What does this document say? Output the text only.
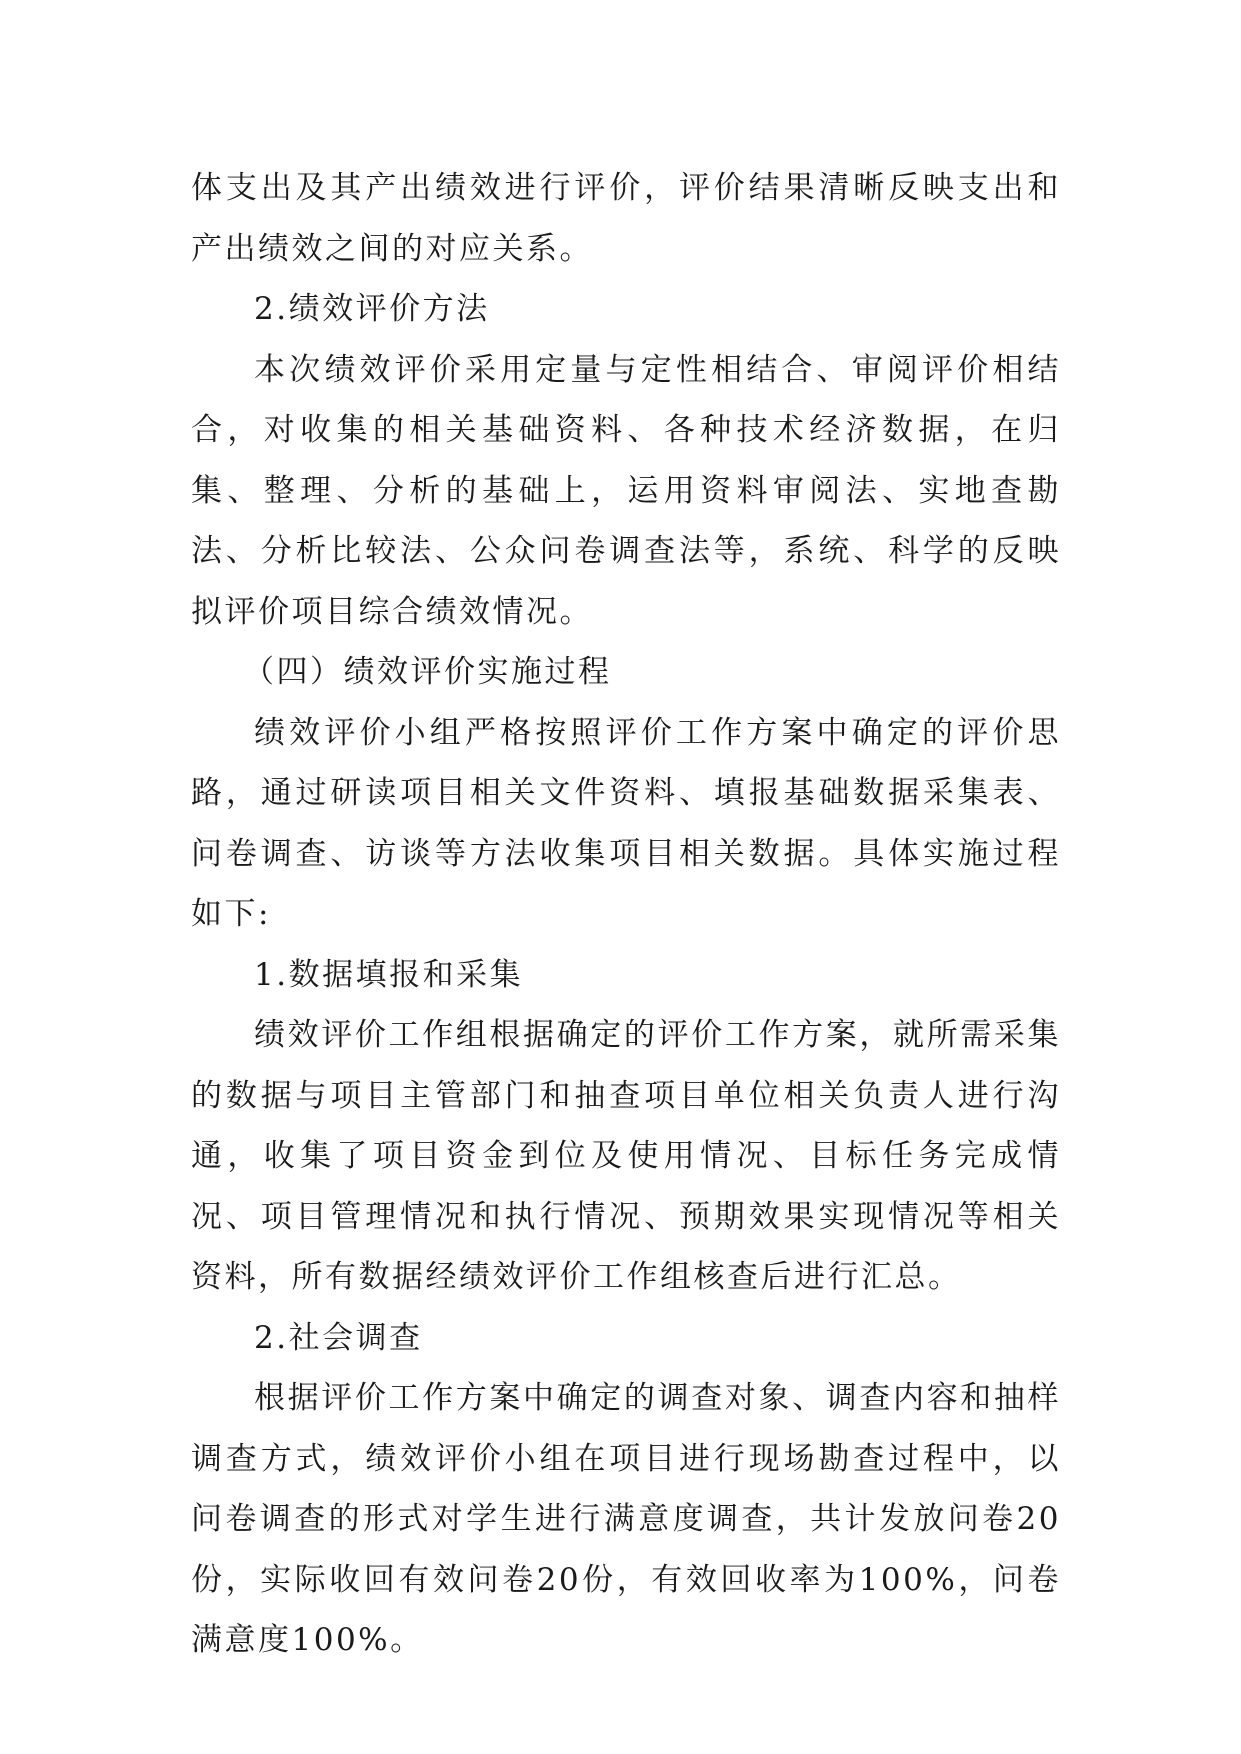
体支出及其产出绩效进行评价，评价结果清晰反映支出和产出绩效之间的对应关系。

2.绩效评价方法

本次绩效评价采用定量与定性相结合、审阅评价相结合，对收集的相关基础资料、各种技术经济数据，在归集、整理、分析的基础上，运用资料审阅法、实地查勘法、分析比较法、公众问卷调查法等，系统、科学的反映拟评价项目综合绩效情况。

（四）绩效评价实施过程

绩效评价小组严格按照评价工作方案中确定的评价思路，通过研读项目相关文件资料、填报基础数据采集表、问卷调查、访谈等方法收集项目相关数据。具体实施过程如下:

1.数据填报和采集

绩效评价工作组根据确定的评价工作方案，就所需采集的数据与项目主管部门和抽查项目单位相关负责人进行沟通，收集了项目资金到位及使用情况、目标任务完成情况、项目管理情况和执行情况、预期效果实现情况等相关资料，所有数据经绩效评价工作组核查后进行汇总。

2.社会调查

根据评价工作方案中确定的调查对象、调查内容和抽样调查方式，绩效评价小组在项目进行现场勘查过程中，以问卷调查的形式对学生进行满意度调查，共计发放问卷20份，实际收回有效问卷20份，有效回收率为100%，问卷满意度100%。
